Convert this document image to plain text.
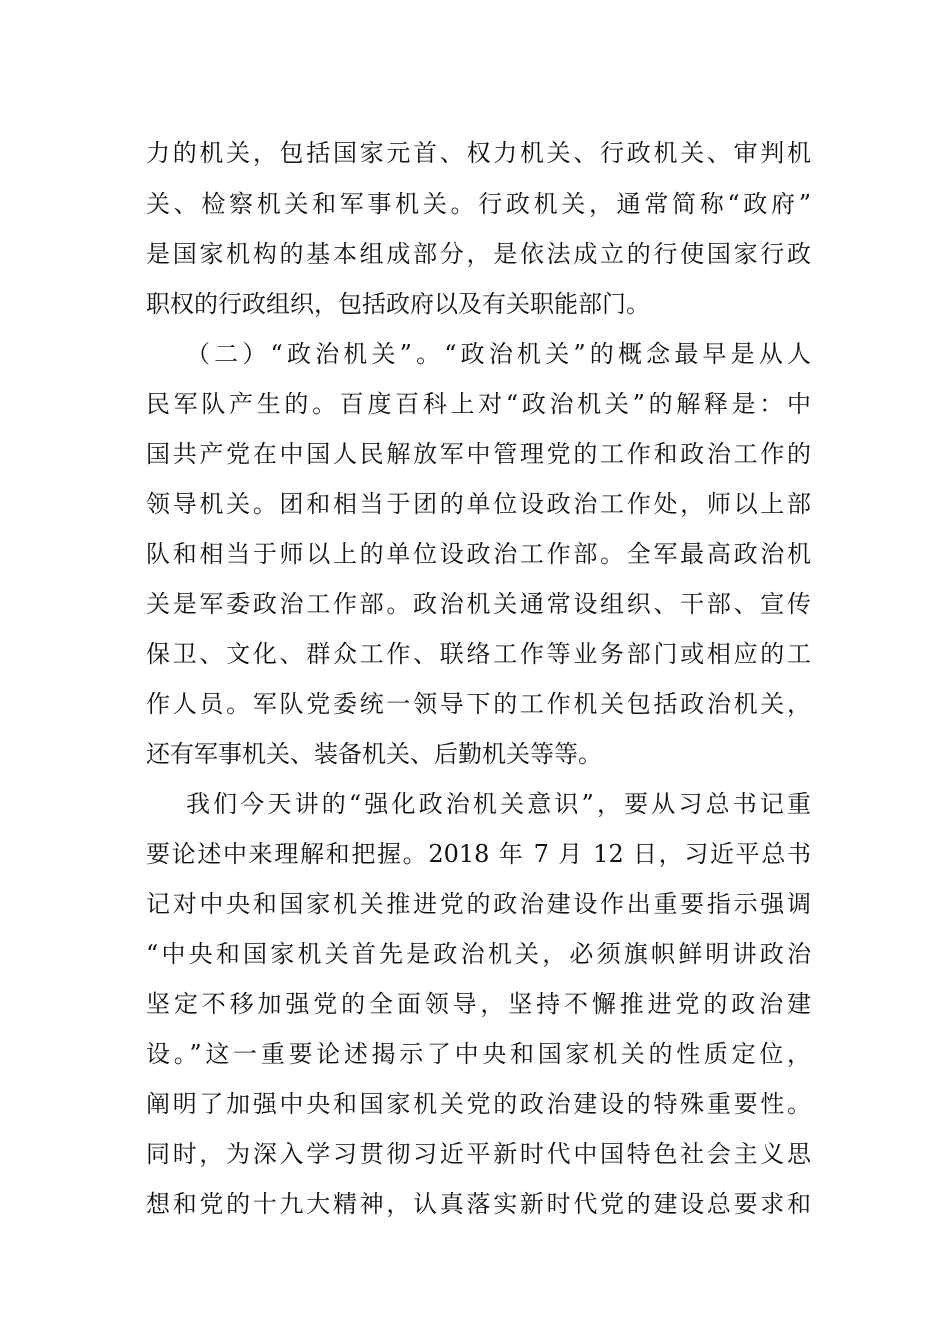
力的机关，包括国家元首、权力机关、行政机关、审判机
关、检察机关和军事机关。行政机关，通常简称“政府”
是国家机构的基本组成部分，是依法成立的行使国家行政
职权的行政组织，包括政府以及有关职能部门。
（二）“政治机关”。“政治机关”的概念最早是从人
民军队产生的。百度百科上对“政治机关”的解释是：中
国共产党在中国人民解放军中管理党的工作和政治工作的
领导机关。团和相当于团的单位设政治工作处，师以上部
队和相当于师以上的单位设政治工作部。全军最高政治机
关是军委政治工作部。政治机关通常设组织、干部、宣传
保卫、文化、群众工作、联络工作等业务部门或相应的工
作人员。军队党委统一领导下的工作机关包括政治机关，
还有军事机关、装备机关、后勤机关等等。
我们今天讲的“强化政治机关意识”，要从习总书记重
要论述中来理解和把握。2018 年 7 月 12 日，习近平总书
记对中央和国家机关推进党的政治建设作出重要指示强调
“中央和国家机关首先是政治机关，必须旗帜鲜明讲政治
坚定不移加强党的全面领导，坚持不懈推进党的政治建
设。”这一重要论述揭示了中央和国家机关的性质定位，
阐明了加强中央和国家机关党的政治建设的特殊重要性。
同时，为深入学习贯彻习近平新时代中国特色社会主义思
想和党的十九大精神，认真落实新时代党的建设总要求和
